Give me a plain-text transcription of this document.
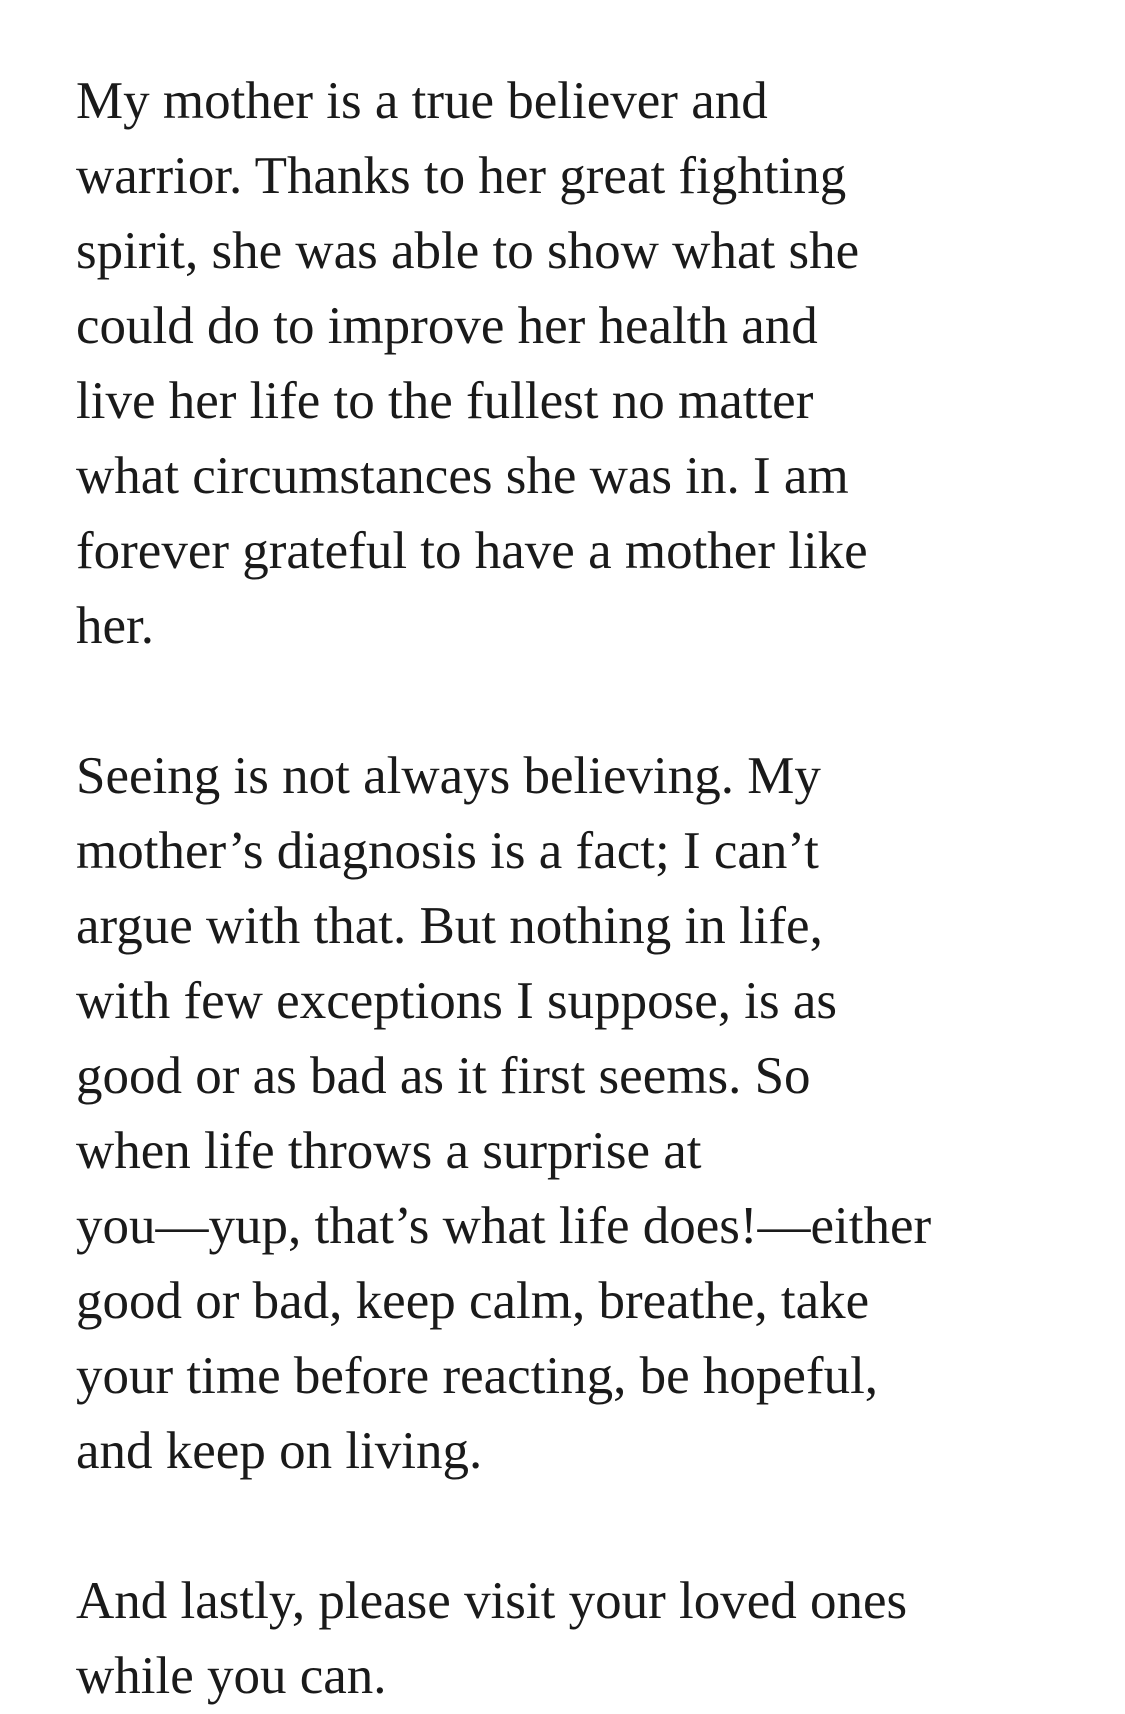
My mother is a true believer and
warrior. Thanks to her great fighting
spirit, she was able to show what she
could do to improve her health and
live her life to the fullest no matter
what circumstances she was in. I am
forever grateful to have a mother like
her.

Seeing is not always believing. My
mother’s diagnosis is a fact; I can’t
argue with that. But nothing in life,
with few exceptions I suppose, is as
good or as bad as it first seems. So
when life throws a surprise at
you—yup, that’s what life does!—either
good or bad, keep calm, breathe, take
your time before reacting, be hopeful,
and keep on living.

And lastly, please visit your loved ones
while you can.
